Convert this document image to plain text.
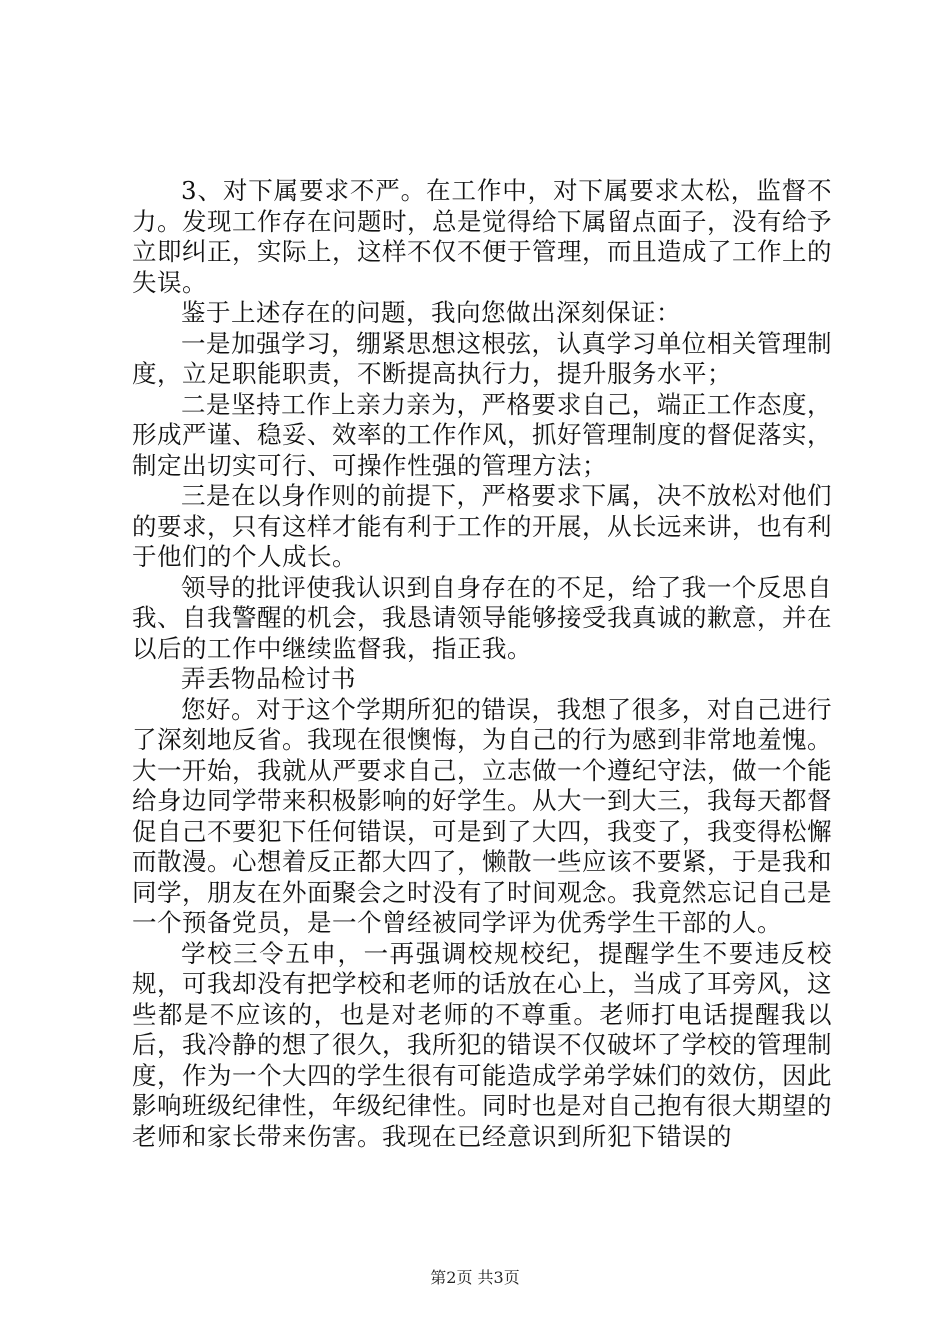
3、对下属要求不严。在工作中，对下属要求太松，监督不力。发现工作存在问题时，总是觉得给下属留点面子，没有给予立即纠正，实际上，这样不仅不便于管理，而且造成了工作上的失误。

鉴于上述存在的问题，我向您做出深刻保证：

一是加强学习，绷紧思想这根弦，认真学习单位相关管理制度，立足职能职责，不断提高执行力，提升服务水平；

二是坚持工作上亲力亲为，严格要求自己，端正工作态度，形成严谨、稳妥、效率的工作作风，抓好管理制度的督促落实，制定出切实可行、可操作性强的管理方法；

三是在以身作则的前提下，严格要求下属，决不放松对他们的要求，只有这样才能有利于工作的开展，从长远来讲，也有利于他们的个人成长。

领导的批评使我认识到自身存在的不足，给了我一个反思自我、自我警醒的机会，我恳请领导能够接受我真诚的歉意，并在以后的工作中继续监督我，指正我。

弄丢物品检讨书

您好。对于这个学期所犯的错误，我想了很多，对自己进行了深刻地反省。我现在很懊悔，为自己的行为感到非常地羞愧。大一开始，我就从严要求自己，立志做一个遵纪守法，做一个能给身边同学带来积极影响的好学生。从大一到大三，我每天都督促自己不要犯下任何错误，可是到了大四，我变了，我变得松懈而散漫。心想着反正都大四了，懒散一些应该不要紧，于是我和同学，朋友在外面聚会之时没有了时间观念。我竟然忘记自己是一个预备党员，是一个曾经被同学评为优秀学生干部的人。

学校三令五申，一再强调校规校纪，提醒学生不要违反校规，可我却没有把学校和老师的话放在心上，当成了耳旁风，这些都是不应该的，也是对老师的不尊重。老师打电话提醒我以后，我冷静的想了很久，我所犯的错误不仅破坏了学校的管理制度，作为一个大四的学生很有可能造成学弟学妹们的效仿，因此影响班级纪律性，年级纪律性。同时也是对自己抱有很大期望的老师和家长带来伤害。我现在已经意识到所犯下错误的

第2页 共3页
